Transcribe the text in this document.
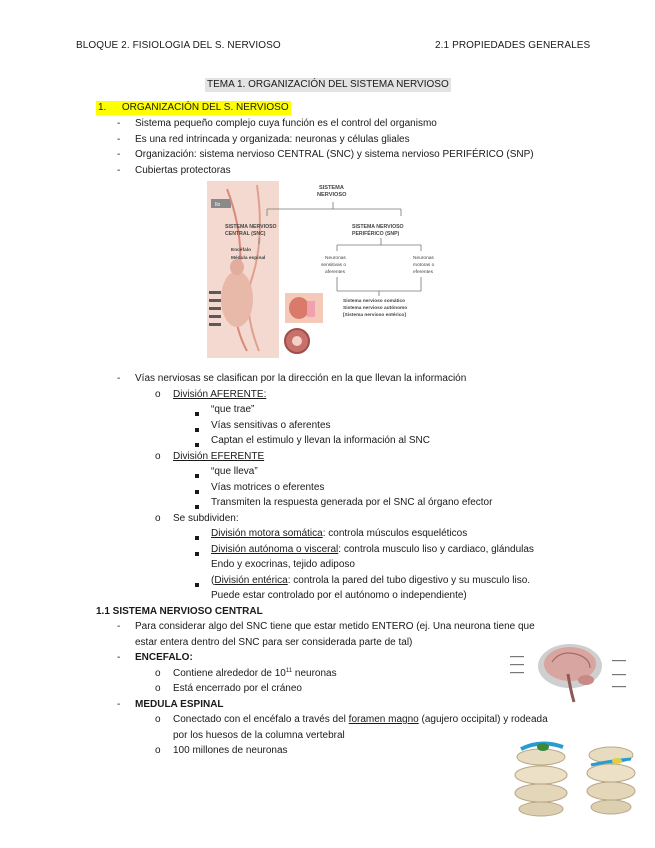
BLOQUE 2. FISIOLOGIA DEL S. NERVIOSO	2.1 PROPIEDADES GENERALES
TEMA 1. ORGANIZACIÓN DEL SISTEMA NERVIOSO
1. ORGANIZACIÓN DEL S. NERVIOSO
- Sistema pequeño complejo cuya función es el control del organismo
- Es una red intrincada y organizada: neuronas y células gliales
- Organización: sistema nervioso CENTRAL (SNC) y sistema nervioso PERIFÉRICO (SNP)
- Cubiertas protectoras
Ilo
SISTEMA NERVIOSO
SISTEMA NERVIOSO CENTRAL (SNC)
Encéfalo Médula espinal
SISTEMA NERVIOSO PERIFÉRICO (SNP)
Neuronas sensitivas o aferentes
Neuronas motoras o eferentes
Sistema nervioso somático Sistema nervioso autónomo [Sistema nervioso entérico]
- Vías nerviosas se clasifican por la dirección en la que llevan la información
o División AFERENTE:
“que trae”
Vías sensitivas o aferentes
Captan el estimulo y llevan la información al SNC
o División EFERENTE
“que lleva”
Vías motrices o eferentes
Transmiten la respuesta generada por el SNC al órgano efector
o Se subdividen:
División motora somática: controla músculos esqueléticos
División autónoma o visceral: controla musculo liso y cardiaco, glándulas
Endo y exocrinas, tejido adiposo
(División entérica: controla la pared del tubo digestivo y su musculo liso.
Puede estar controlado por el autónomo o independiente)
1.1 SISTEMA NERVIOSO CENTRAL
- Para considerar algo del SNC tiene que estar metido ENTERO (ej. Una neurona tiene que
estar entera dentro del SNC para ser considerada parte de tal)
- ENCEFALO:
o Contiene alrededor de $10^{11}$ neuronas
o Está encerrado por el cráneo
- MEDULA ESPINAL
o Conectado con el encéfalo a través del foramen magno (agujero occipital) y rodeada
por los huesos de la columna vertebral
o 100 millones de neuronas
